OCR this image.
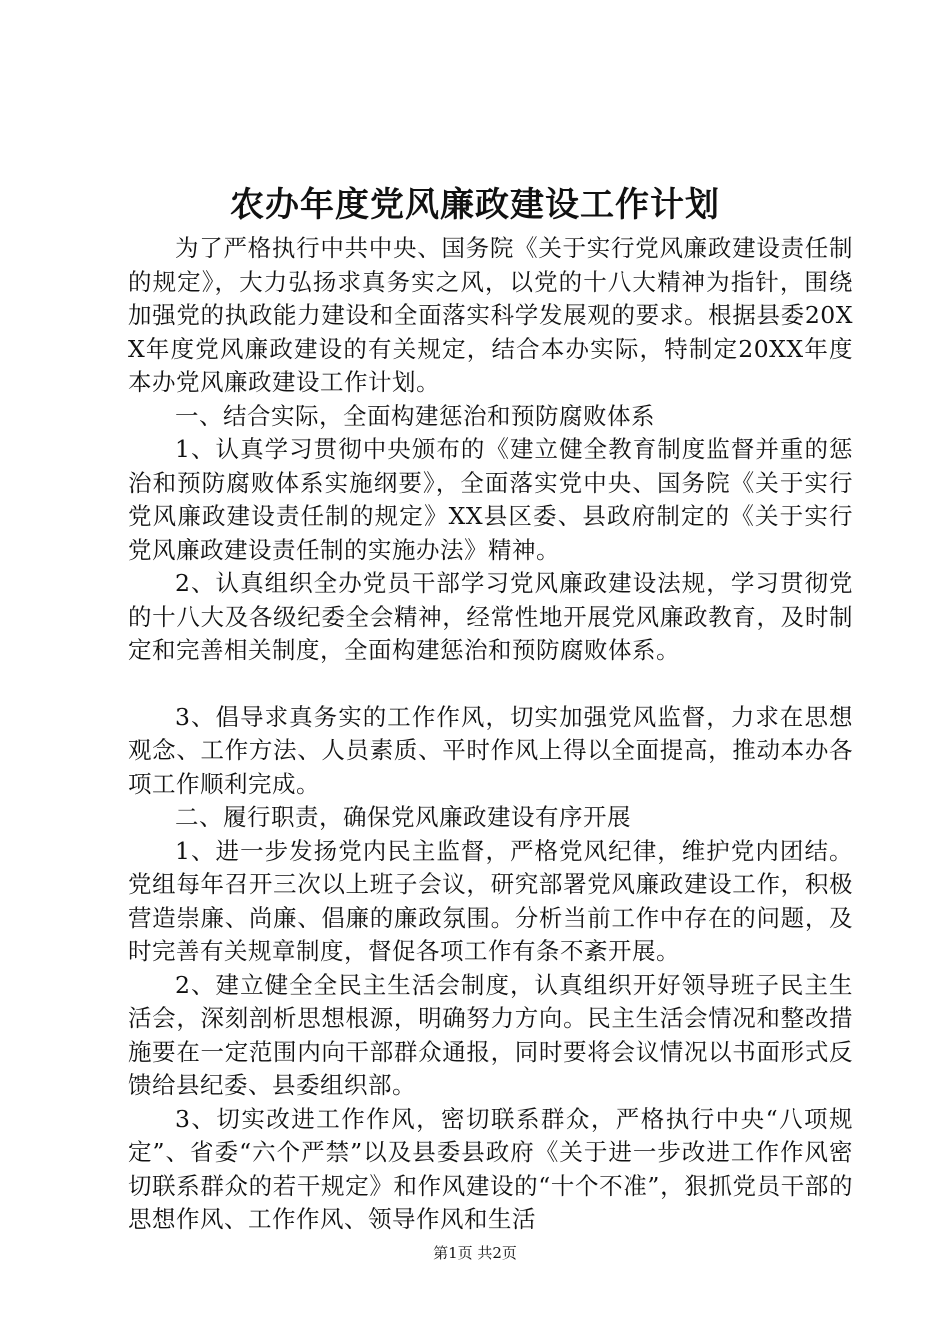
农办年度党风廉政建设工作计划

为了严格执行中共中央、国务院《关于实行党风廉政建设责任制的规定》，大力弘扬求真务实之风，以党的十八大精神为指针，围绕加强党的执政能力建设和全面落实科学发展观的要求。根据县委20XX年度党风廉政建设的有关规定，结合本办实际，特制定20XX年度本办党风廉政建设工作计划。

一、结合实际，全面构建惩治和预防腐败体系

1、认真学习贯彻中央颁布的《建立健全教育制度监督并重的惩治和预防腐败体系实施纲要》，全面落实党中央、国务院《关于实行党风廉政建设责任制的规定》XX县区委、县政府制定的《关于实行党风廉政建设责任制的实施办法》精神。

2、认真组织全办党员干部学习党风廉政建设法规，学习贯彻党的十八大及各级纪委全会精神，经常性地开展党风廉政教育，及时制定和完善相关制度，全面构建惩治和预防腐败体系。

3、倡导求真务实的工作作风，切实加强党风监督，力求在思想观念、工作方法、人员素质、平时作风上得以全面提高，推动本办各项工作顺利完成。

二、履行职责，确保党风廉政建设有序开展

1、进一步发扬党内民主监督，严格党风纪律，维护党内团结。党组每年召开三次以上班子会议，研究部署党风廉政建设工作，积极营造崇廉、尚廉、倡廉的廉政氛围。分析当前工作中存在的问题，及时完善有关规章制度，督促各项工作有条不紊开展。

2、建立健全全民主生活会制度，认真组织开好领导班子民主生活会，深刻剖析思想根源，明确努力方向。民主生活会情况和整改措施要在一定范围内向干部群众通报，同时要将会议情况以书面形式反馈给县纪委、县委组织部。

3、切实改进工作作风，密切联系群众，严格执行中央“八项规定”、省委“六个严禁”以及县委县政府《关于进一步改进工作作风密切联系群众的若干规定》和作风建设的“十个不准”，狠抓党员干部的思想作风、工作作风、领导作风和生活

第1页 共2页
